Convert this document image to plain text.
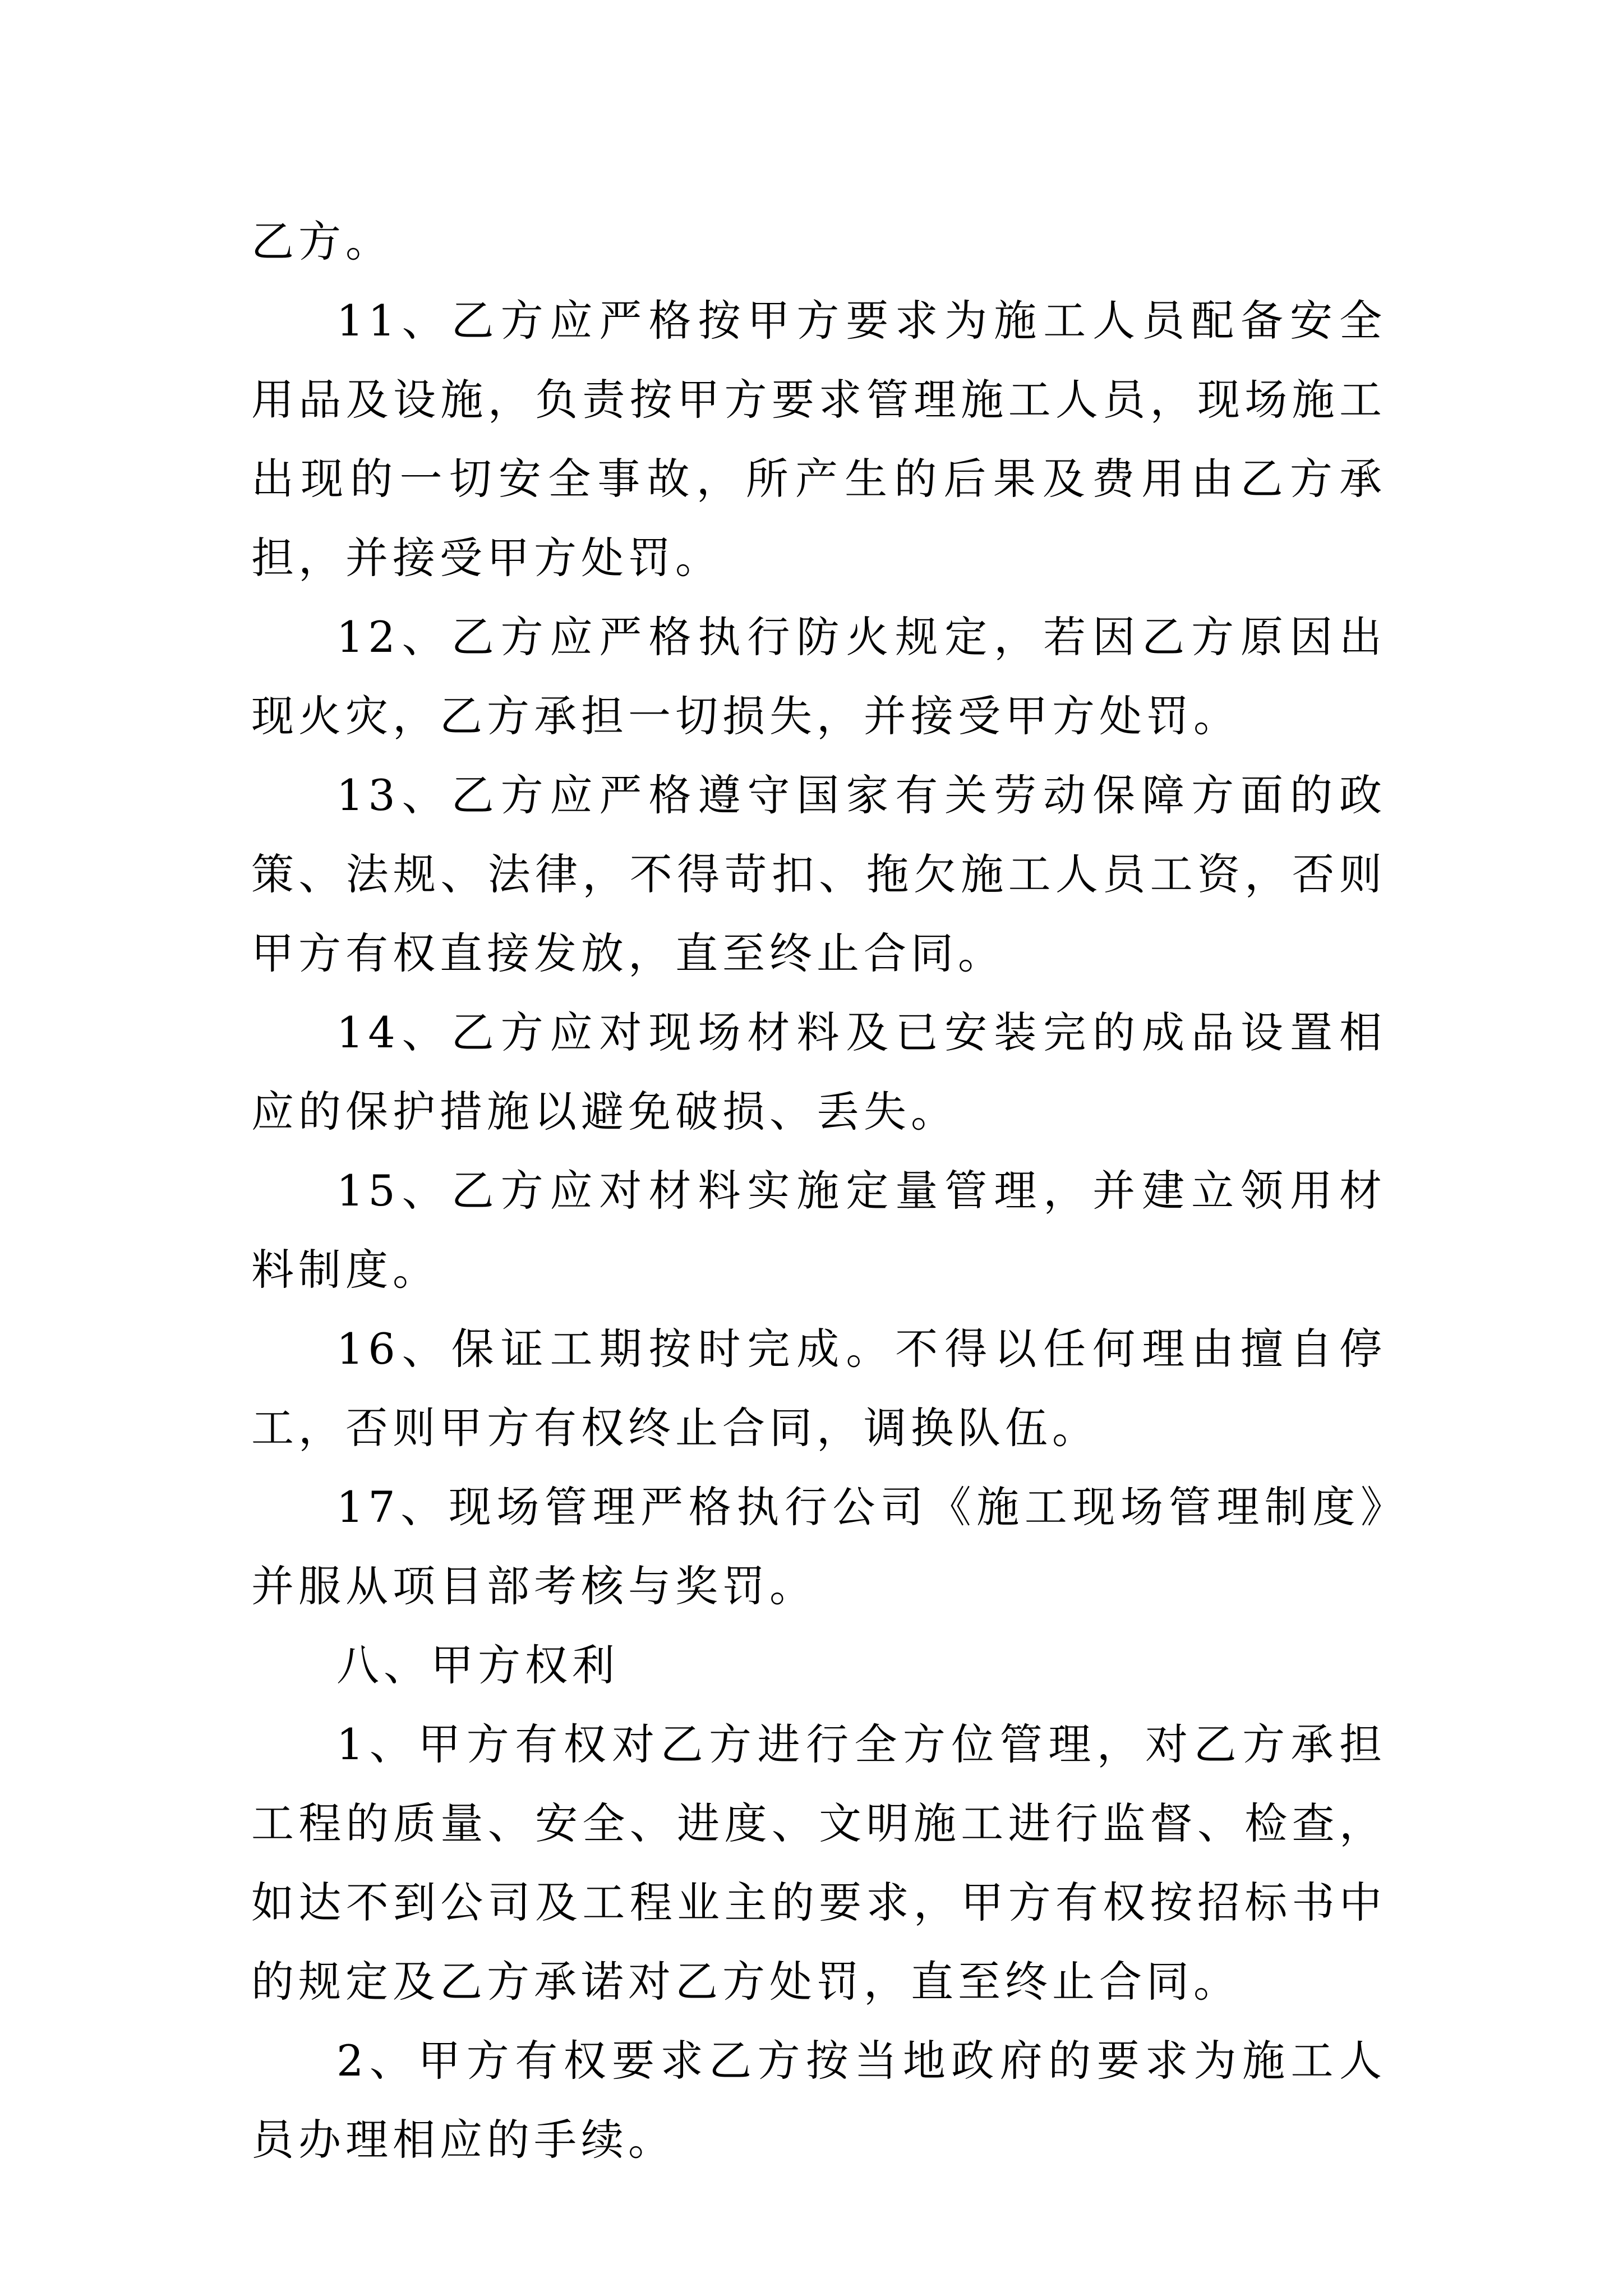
乙方。

11、乙方应严格按甲方要求为施工人员配备安全用品及设施，负责按甲方要求管理施工人员，现场施工出现的一切安全事故，所产生的后果及费用由乙方承担，并接受甲方处罚。

12、乙方应严格执行防火规定，若因乙方原因出现火灾，乙方承担一切损失，并接受甲方处罚。

13、乙方应严格遵守国家有关劳动保障方面的政策、法规、法律，不得苛扣、拖欠施工人员工资，否则甲方有权直接发放，直至终止合同。

14、乙方应对现场材料及已安装完的成品设置相应的保护措施以避免破损、丢失。

15、乙方应对材料实施定量管理，并建立领用材料制度。

16、保证工期按时完成。不得以任何理由擅自停工，否则甲方有权终止合同，调换队伍。

17、现场管理严格执行公司《施工现场管理制度》并服从项目部考核与奖罚。

八、甲方权利

1、甲方有权对乙方进行全方位管理，对乙方承担工程的质量、安全、进度、文明施工进行监督、检查，如达不到公司及工程业主的要求，甲方有权按招标书中的规定及乙方承诺对乙方处罚，直至终止合同。

2、甲方有权要求乙方按当地政府的要求为施工人员办理相应的手续。
